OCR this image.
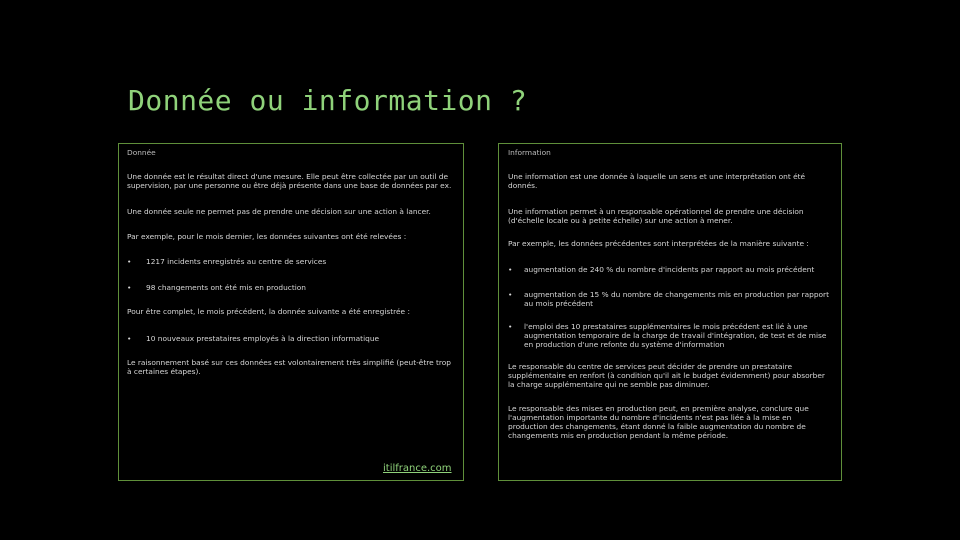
Donnée ou information ?

Donnée

Une donnée est le résultat direct d'une mesure. Elle peut être collectée par un outil de supervision, par une personne ou être déjà présente dans une base de données par ex.

Une donnée seule ne permet pas de prendre une décision sur une action à lancer.

Par exemple, pour le mois dernier, les données suivantes ont été relevées :

• 1217 incidents enregistrés au centre de services
• 98 changements ont été mis en production

Pour être complet, le mois précédent, la donnée suivante a été enregistrée :

• 10 nouveaux prestataires employés à la direction informatique

Le raisonnement basé sur ces données est volontairement très simplifié (peut-être trop à certaines étapes).

itilfrance.com

Information

Une information est une donnée à laquelle un sens et une interprétation ont été donnés.

Une information permet à un responsable opérationnel de prendre une décision (d'échelle locale ou à petite échelle) sur une action à mener.

Par exemple, les données précédentes sont interprétées de la manière suivante :

• augmentation de 240 % du nombre d'incidents par rapport au mois précédent
• augmentation de 15 % du nombre de changements mis en production par rapport au mois précédent
• l'emploi des 10 prestataires supplémentaires le mois précédent est lié à une augmentation temporaire de la charge de travail d'intégration, de test et de mise en production d'une refonte du système d'information

Le responsable du centre de services peut décider de prendre un prestataire supplémentaire en renfort (à condition qu'il ait le budget évidemment) pour absorber la charge supplémentaire qui ne semble pas diminuer.

Le responsable des mises en production peut, en première analyse, conclure que l'augmentation importante du nombre d'incidents n'est pas liée à la mise en production des changements, étant donné la faible augmentation du nombre de changements mis en production pendant la même période.
